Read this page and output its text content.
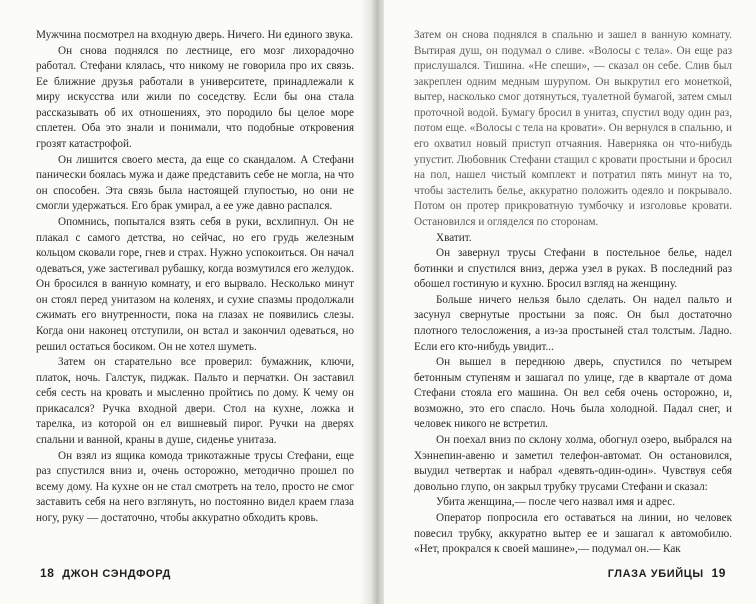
Мужчина посмотрел на входную дверь. Ничего. Ни единого звука.

Он снова поднялся по лестнице, его мозг лихорадочно работал. Стефани клялась, что никому не говорила про их связь. Ее ближние друзья работали в университете, принадлежали к миру искусства или жили по соседству. Если бы она стала рассказывать об их отношениях, это породило бы целое море сплетен. Оба это знали и понимали, что подобные откровения грозят катастрофой.

Он лишится своего места, да еще со скандалом. А Стефани панически боялась мужа и даже представить себе не могла, на что он способен. Эта связь была настоящей глупостью, но они не смогли удержаться. Его брак умирал, а ее уже давно распался.

Опомнись, попытался взять себя в руки, всхлипнул. Он не плакал с самого детства, но сейчас, но его грудь железным кольцом сковали горе, гнев и страх. Нужно успокоиться. Он начал одеваться, уже застегивал рубашку, когда возмутился его желудок. Он бросился в ванную комнату, и его вырвало. Несколько минут он стоял перед унитазом на коленях, и сухие спазмы продолжали сжимать его внутренности, пока на глазах не появились слезы. Когда они наконец отступили, он встал и закончил одеваться, но решил остаться босиком. Он не хотел шуметь.

Затем он старательно все проверил: бумажник, ключи, платок, ночь. Галстук, пиджак. Пальто и перчатки. Он заставил себя сесть на кровать и мысленно пройтись по дому. К чему он прикасался? Ручка входной двери. Стол на кухне, ложка и тарелка, из которой он ел вишневый пирог. Ручки на дверях спальни и ванной, краны в душе, сиденье унитаза.

Он взял из ящика комода трикотажные трусы Стефани, еще раз спустился вниз и, очень осторожно, методично прошел по всему дому. На кухне он не стал смотреть на тело, просто не смог заставить себя на него взглянуть, но постоянно видел краем глаза ногу, руку — достаточно, чтобы аккуратно обходить кровь.

18 ДЖОН СЭНДФОРД

Затем он снова поднялся в спальню и зашел в ванную комнату. Вытирая душ, он подумал о сливе. «Волосы с тела». Он еще раз прислушался. Тишина. «Не спеши», — сказал он себе. Слив был закреплен одним медным шурупом. Он выкрутил его монеткой, вытер, насколько смог дотянуться, туалетной бумагой, затем смыл проточной водой. Бумагу бросил в унитаз, спустил воду один раз, потом еще. «Волосы с тела на кровати». Он вернулся в спальню, и его охватил новый приступ отчаяния. Наверняка он что-нибудь упустит. Любовник Стефани стащил с кровати простыни и бросил на пол, нашел чистый комплект и потратил пять минут на то, чтобы застелить белье, аккуратно положить одеяло и покрывало. Потом он протер прикроватную тумбочку и изголовье кровати. Остановился и огляделся по сторонам.

Хватит.

Он завернул трусы Стефани в постельное белье, надел ботинки и спустился вниз, держа узел в руках. В последний раз обошел гостиную и кухню. Бросил взгляд на женщину.

Больше ничего нельзя было сделать. Он надел пальто и засунул свернутые простыни за пояс. Он был достаточно плотного телосложения, а из-за простыней стал толстым. Ладно. Если его кто-нибудь увидит...

Он вышел в переднюю дверь, спустился по четырем бетонным ступеням и зашагал по улице, где в квартале от дома Стефани стояла его машина. Он вел себя очень осторожно, и, возможно, это его спасло. Ночь была холодной. Падал снег, и человек никого не встретил.

Он поехал вниз по склону холма, обогнул озеро, выбрался на Хэннепин-авеню и заметил телефон-автомат. Он остановился, выудил четвертак и набрал «девять-один-один». Чувствуя себя довольно глупо, он закрыл трубку трусами Стефани и сказал:

Убита женщина,— после чего назвал имя и адрес.

Оператор попросила его оставаться на линии, но человек повесил трубку, аккуратно вытер ее и зашагал к автомобилю. «Нет, прокрался к своей машине»,— подумал он.— Как

ГЛАЗА УБИЙЦЫ 19
